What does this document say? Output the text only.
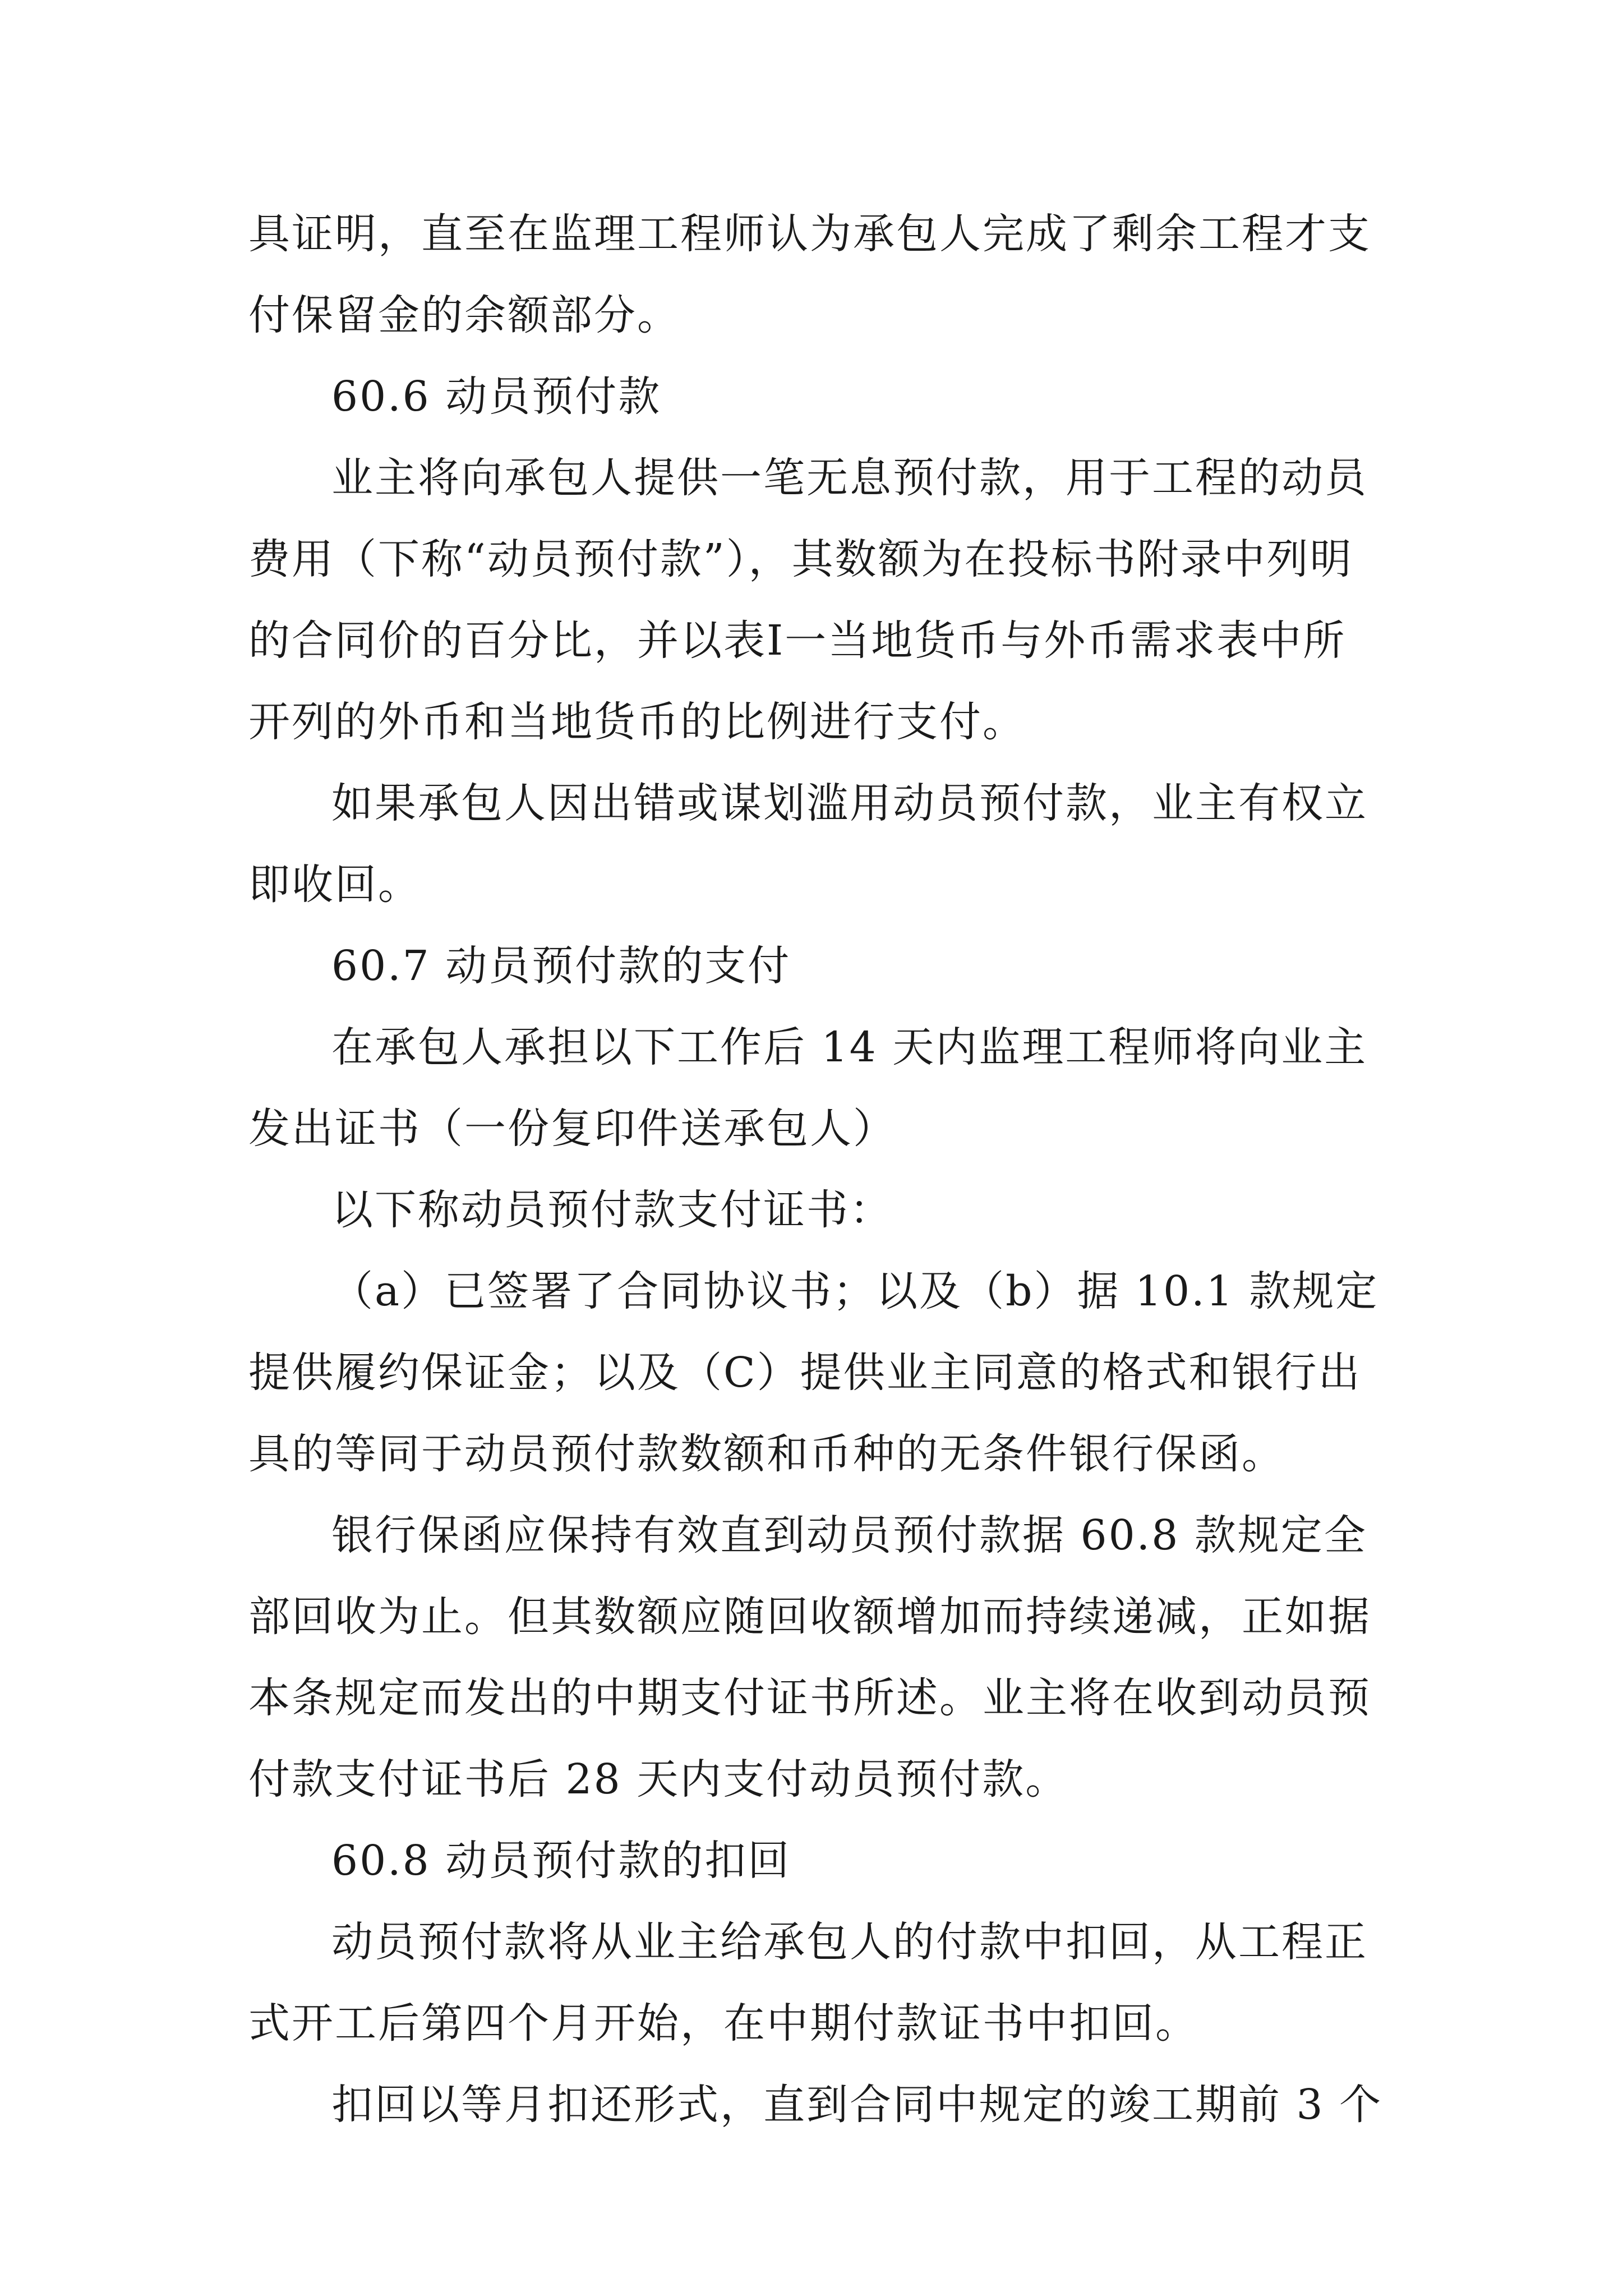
具证明，直至在监理工程师认为承包人完成了剩余工程才支
付保留金的余额部分。
60.6 动员预付款
业主将向承包人提供一笔无息预付款，用于工程的动员
费用（下称“动员预付款”），其数额为在投标书附录中列明
的合同价的百分比，并以表Ⅰ一当地货币与外币需求表中所
开列的外币和当地货币的比例进行支付。
如果承包人因出错或谋划滥用动员预付款，业主有权立
即收回。
60.7 动员预付款的支付
在承包人承担以下工作后 14 天内监理工程师将向业主
发出证书（一份复印件送承包人）
以下称动员预付款支付证书：
（a）已签署了合同协议书；以及（b）据 10.1 款规定
提供履约保证金；以及（C）提供业主同意的格式和银行出
具的等同于动员预付款数额和币种的无条件银行保函。
银行保函应保持有效直到动员预付款据 60.8 款规定全
部回收为止。但其数额应随回收额增加而持续递减，正如据
本条规定而发出的中期支付证书所述。业主将在收到动员预
付款支付证书后 28 天内支付动员预付款。
60.8 动员预付款的扣回
动员预付款将从业主给承包人的付款中扣回，从工程正
式开工后第四个月开始，在中期付款证书中扣回。
扣回以等月扣还形式，直到合同中规定的竣工期前 3 个
